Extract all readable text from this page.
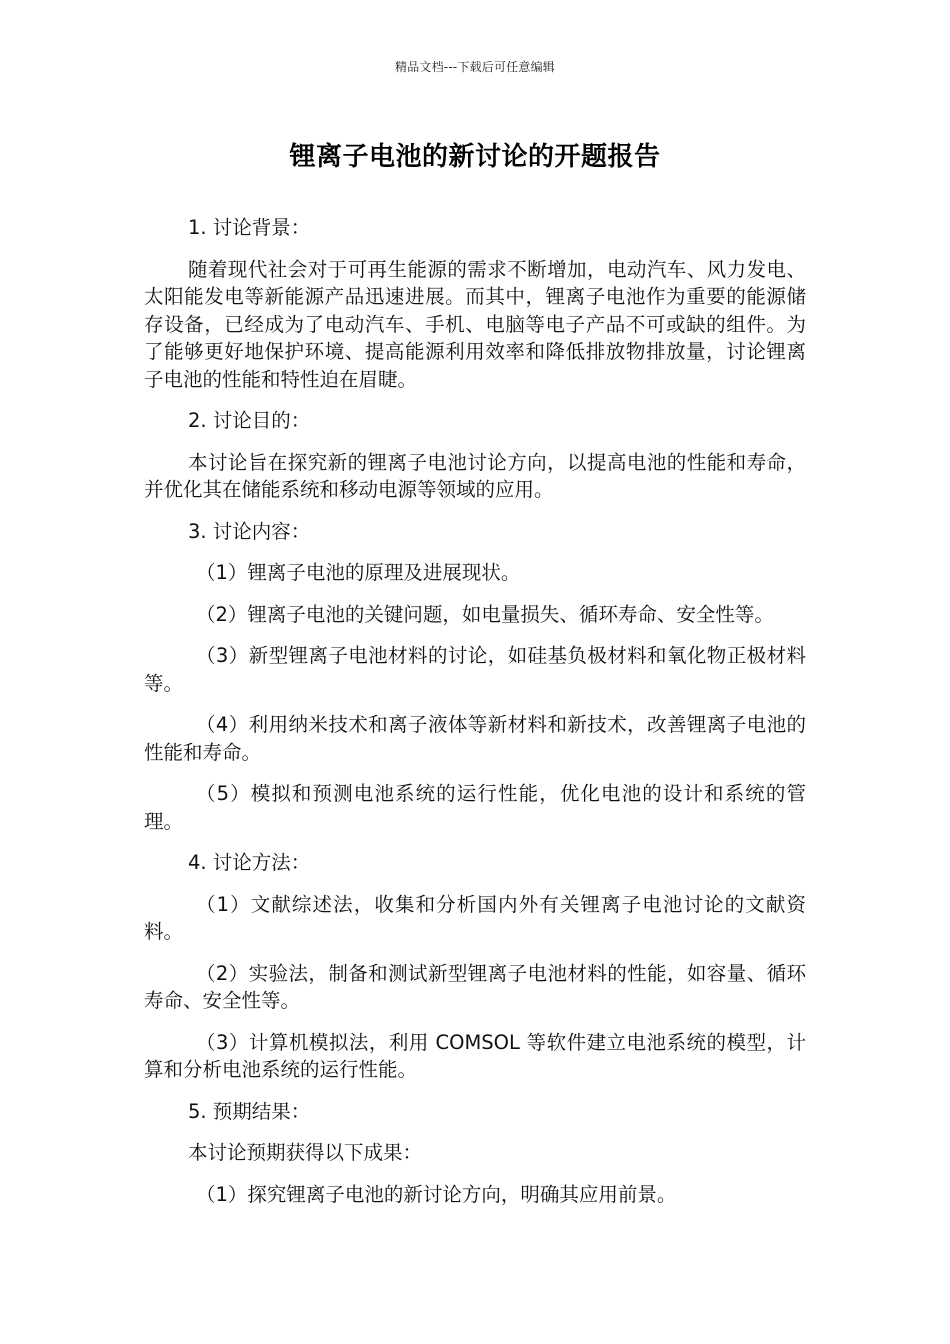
精品文档---下载后可任意编辑
锂离子电池的新讨论的开题报告

1. 讨论背景：

随着现代社会对于可再生能源的需求不断增加，电动汽车、风力发电、太阳能发电等新能源产品迅速进展。而其中，锂离子电池作为重要的能源储存设备，已经成为了电动汽车、手机、电脑等电子产品不可或缺的组件。为了能够更好地保护环境、提高能源利用效率和降低排放物排放量，讨论锂离子电池的性能和特性迫在眉睫。

2. 讨论目的：

本讨论旨在探究新的锂离子电池讨论方向，以提高电池的性能和寿命，并优化其在储能系统和移动电源等领域的应用。

3. 讨论内容：

（1）锂离子电池的原理及进展现状。

（2）锂离子电池的关键问题，如电量损失、循环寿命、安全性等。

（3）新型锂离子电池材料的讨论，如硅基负极材料和氧化物正极材料等。

（4）利用纳米技术和离子液体等新材料和新技术，改善锂离子电池的性能和寿命。

（5）模拟和预测电池系统的运行性能，优化电池的设计和系统的管理。

4. 讨论方法：

（1）文献综述法，收集和分析国内外有关锂离子电池讨论的文献资料。

（2）实验法，制备和测试新型锂离子电池材料的性能，如容量、循环寿命、安全性等。

（3）计算机模拟法，利用 COMSOL 等软件建立电池系统的模型，计算和分析电池系统的运行性能。

5. 预期结果：

本讨论预期获得以下成果：

（1）探究锂离子电池的新讨论方向，明确其应用前景。
